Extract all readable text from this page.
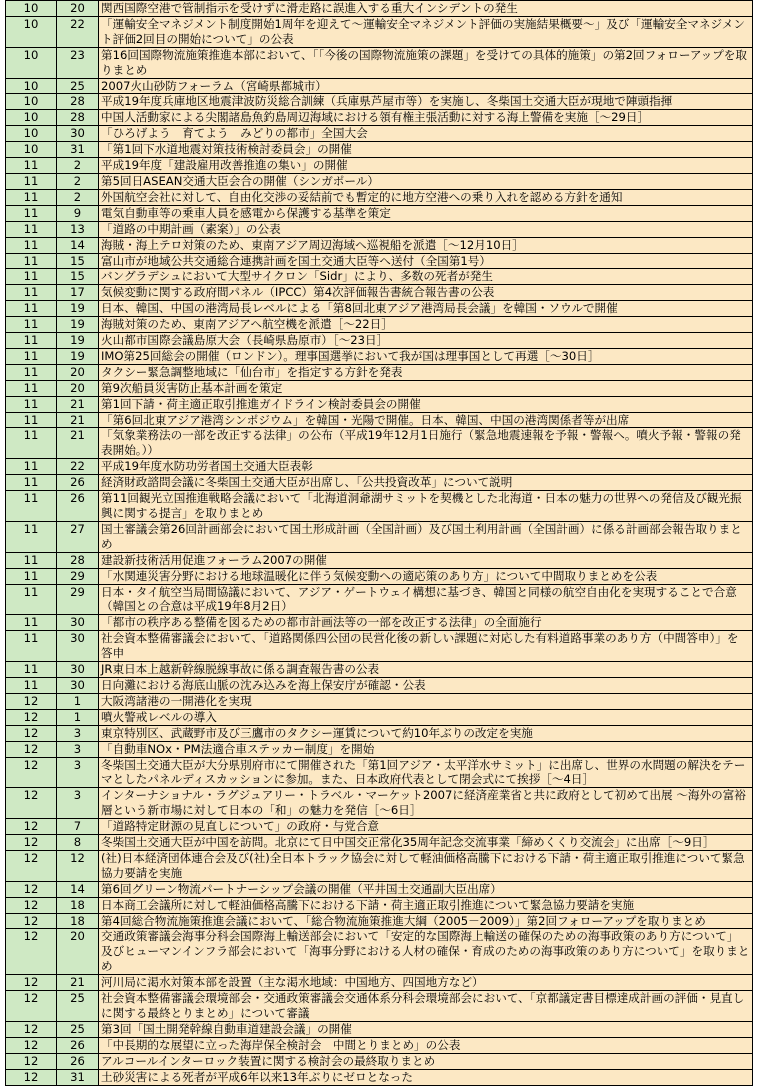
10	20	関西国際空港で管制指示を受けずに滑走路に誤進入する重大インシデントの発生
10	22	「運輸安全マネジメント制度開始1周年を迎えて～運輸安全マネジメント評価の実施結果概要～」及び「運輸安全マネジメント評価2回目の開始について」の公表
10	23	第16回国際物流施策推進本部において、「「今後の国際物流施策の課題」を受けての具体的施策」の第2回フォローアップを取りまとめ
10	25	2007火山砂防フォーラム（宮崎県都城市）
10	28	平成19年度兵庫地区地震津波防災総合訓練（兵庫県芦屋市等）を実施し、冬柴国土交通大臣が現地で陣頭指揮
10	28	中国人活動家による尖閣諸島魚釣島周辺海域における領有権主張活動に対する海上警備を実施［～29日］
10	30	「ひろげよう　育てよう　みどりの都市」全国大会
10	31	「第1回下水道地震対策技術検討委員会」の開催
11	2	平成19年度「建設雇用改善推進の集い」の開催
11	2	第5回日ASEAN交通大臣会合の開催（シンガポール）
11	2	外国航空会社に対して、自由化交渉の妥結前でも暫定的に地方空港への乗り入れを認める方針を通知
11	9	電気自動車等の乗車人員を感電から保護する基準を策定
11	13	「道路の中期計画（素案）」の公表
11	14	海賊・海上テロ対策のため、東南アジア周辺海域へ巡視船を派遣［～12月10日］
11	15	富山市が地域公共交通総合連携計画を国土交通大臣等へ送付（全国第1号）
11	15	バングラデシュにおいて大型サイクロン「Sidr」により、多数の死者が発生
11	17	気候変動に関する政府間パネル（IPCC）第4次評価報告書統合報告書の公表
11	19	日本、韓国、中国の港湾局長レベルによる「第8回北東アジア港湾局長会議」を韓国・ソウルで開催
11	19	海賊対策のため、東南アジアへ航空機を派遣［～22日］
11	19	火山都市国際会議島原大会（長崎県島原市）［～23日］
11	19	IMO第25回総会の開催（ロンドン）。理事国選挙において我が国は理事国として再選［～30日］
11	20	タクシー緊急調整地域に「仙台市」を指定する方針を発表
11	20	第9次船員災害防止基本計画を策定
11	21	第1回下請・荷主適正取引推進ガイドライン検討委員会の開催
11	21	「第6回北東アジア港湾シンポジウム」を韓国・光陽で開催。日本、韓国、中国の港湾関係者等が出席
11	21	「気象業務法の一部を改正する法律」の公布（平成19年12月1日施行（緊急地震速報を予報・警報へ。噴火予報・警報の発表開始。））
11	22	平成19年度水防功労者国土交通大臣表彰
11	26	経済財政諮問会議に冬柴国土交通大臣が出席し、「公共投資改革」について説明
11	26	第11回観光立国推進戦略会議において「北海道洞爺湖サミットを契機とした北海道・日本の魅力の世界への発信及び観光振興に関する提言」を取りまとめ
11	27	国土審議会第26回計画部会において国土形成計画（全国計画）及び国土利用計画（全国計画）に係る計画部会報告取りまとめ
11	28	建設新技術活用促進フォーラム2007の開催
11	29	「水関連災害分野における地球温暖化に伴う気候変動への適応策のあり方」について中間取りまとめを公表
11	29	日本・タイ航空当局間協議において、アジア・ゲートウェイ構想に基づき、韓国と同様の航空自由化を実現することで合意（韓国との合意は平成19年8月2日）
11	30	「都市の秩序ある整備を図るための都市計画法等の一部を改正する法律」の全面施行
11	30	社会資本整備審議会において、「道路関係四公団の民営化後の新しい課題に対応した有料道路事業のあり方（中間答申）」を答申
11	30	JR東日本上越新幹線脱線事故に係る調査報告書の公表
11	30	日向灘における海底山脈の沈み込みを海上保安庁が確認・公表
12	1	大阪湾諸港の一開港化を実現
12	1	噴火警戒レベルの導入
12	3	東京特別区、武蔵野市及び三鷹市のタクシー運賃について約10年ぶりの改定を実施
12	3	「自動車NOx・PM法適合車ステッカー制度」を開始
12	3	冬柴国土交通大臣が大分県別府市にて開催された「第1回アジア・太平洋水サミット」に出席し、世界の水問題の解決をテーマとしたパネルディスカッションに参加。また、日本政府代表として閉会式にて挨拶［～4日］
12	3	インターナショナル・ラグジュアリー・トラベル・マーケット2007に経済産業省と共に政府として初めて出展 ～海外の富裕層という新市場に対して日本の「和」の魅力を発信［～6日］
12	7	「道路特定財源の見直しについて」の政府・与党合意
12	8	冬柴国土交通大臣が中国を訪問。北京にて日中国交正常化35周年記念交流事業「締めくくり交流会」に出席［～9日］
12	12	(社)日本経済団体連合会及び(社)全日本トラック協会に対して軽油価格高騰下における下請・荷主適正取引推進について緊急協力要請を実施
12	14	第6回グリーン物流パートナーシップ会議の開催（平井国土交通副大臣出席）
12	18	日本商工会議所に対して軽油価格高騰下における下請・荷主適正取引推進について緊急協力要請を実施
12	18	第4回総合物流施策推進会議において、「総合物流施策推進大綱（2005－2009）」第2回フォローアップを取りまとめ
12	20	交通政策審議会海事分科会国際海上輸送部会において「安定的な国際海上輸送の確保のための海事政策のあり方について」及びヒューマンインフラ部会において「海事分野における人材の確保・育成のための海事政策のあり方について」を取りまとめ
12	21	河川局に渇水対策本部を設置（主な渇水地域：中国地方、四国地方など）
12	25	社会資本整備審議会環境部会・交通政策審議会交通体系分科会環境部会において、「京都議定書目標達成計画の評価・見直しに関する最終とりまとめ」について審議
12	25	第3回「国土開発幹線自動車道建設会議」の開催
12	26	「中長期的な展望に立った海岸保全検討会　中間とりまとめ」の公表
12	26	アルコールインターロック装置に関する検討会の最終取りまとめ
12	31	土砂災害による死者が平成6年以来13年ぶりにゼロとなった
